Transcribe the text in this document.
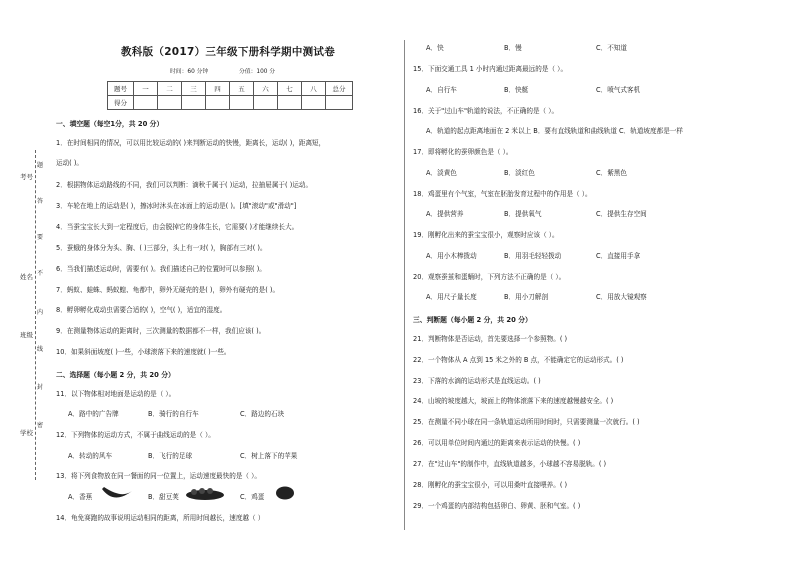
考号
姓名
班级
学校
题
答
要
不
内
线
封
密
教科版（2017）三年级下册科学期中测试卷
时间：60 分钟	分值：100 分
题号	一	二	三	四	五	六	七	八	总分
得分									
一、填空题（每空1分，共 20 分）
1．在时间相同的情况，可以用比较运动的( )来判断运动的快慢，距离长，运动( )，距离短，
运动( )。
2．根据物体运动路线的不同，我们可以判断：滴秋千属于( )运动，拉抽屉属于( )运动。
3．车轮在地上的运动是( )，擦冰时沐头在冰面上的运动是( )。[填"滚动"或"滑动"]
4．当蚕宝宝长大到一定程度后，由会脱掉它的身体生长，它需要( )才能继续长大。
5．蚕蛾的身体分为头、胸、( )三部分，头上有一对( )，胸部有三对( )。
6．当我们描述运动时，需要有( )。我们描述自己的位置时可以参照( )。
7．蚂蚁、蛙蛛、蚂蚁蝗、龟都中，卵外无硬壳的是( )，卵外有硬壳的是( )。
8．孵卵孵化成动虫需要合适的( )，空气( )，适宜的湿度。
9．在测量物体运动的距离时，三次测量的数据都不一样，我们应该( )。
10．如果斜面坡度( )一些，小球滚落下来的速度就( )一些。
二、选择题（每小题 2 分，共 20 分）
11．以下物体相对地面是运动的是（ ）。
A．路中的广告牌	B．骑行的自行车	C．路边的石块
12．下列物体的运动方式，不属于曲线运动的是（ ）。
A．转动的风车	B．飞行的足球	C．树上落下的苹果
13．将下列食物放在同一餐面的同一位置上，运动速度最快的是（ ）。
A．香蕉	B．甜豆荚	C．鸡蛋
14．龟免赛跑的故事说明运动相同的距离，所用时间越长，速度越（ ）
A．快	B．慢	C．不知道
15．下面交通工具 1 小时内通过距离最远的是（ ）。
A．自行车	B．快艇	C．喷气式客机
16．关于"过山车"轨道的说法，不正确的是（ ）。
A．轨道的起点距离地面在 2 米以上 B．要有直线轨道和曲线轨道 C．轨道坡度都是一样
17．即将孵化的蚕卵颜色是（ ）。
A．淡黄色	B．淡红色	C．紫黑色
18．鸡蛋里有个气室，气室在胚胎发育过程中的作用是（ ）。
A．提供营养	B．提供氧气	C．提供生存空间
19．刚孵化出来的蚕宝宝很小，观察时应该（ ）。
A．用小木棒拨动	B．用羽毛轻轻拨动	C．直接用手拿
20．观察蚕茧和蛋蛹时，下列方法不正确的是（ ）。
A．用尺子量长度	B．用小刀解剖	C．用放大镜观察
三、判断题（每小题 2 分，共 20 分）
21．判断物体是否运动，首先要选择一个参照物。( )
22．一个物体从 A 点到 15 米之外的 B 点，不能确定它的运动形式。( )
23．下落的水滴的运动形式是直线运动。( )
24．山坡的坡度越大，坡面上的物体滚落下来的速度越慢越安全。( )
25．在测量不同小球在同一条轨道运动所用时间时，只需要测量一次就行。( )
26．可以用单位时间内通过的距离来表示运动的快慢。( )
27．在"过山车"的制作中，直线轨道越多，小球越不容易脱轨。( )
28．刚孵化的蚕宝宝很小，可以用桑叶直接喂养。( )
29．一个鸡蛋的内部结构包括卵白、卵黄、胚和气室。( )
